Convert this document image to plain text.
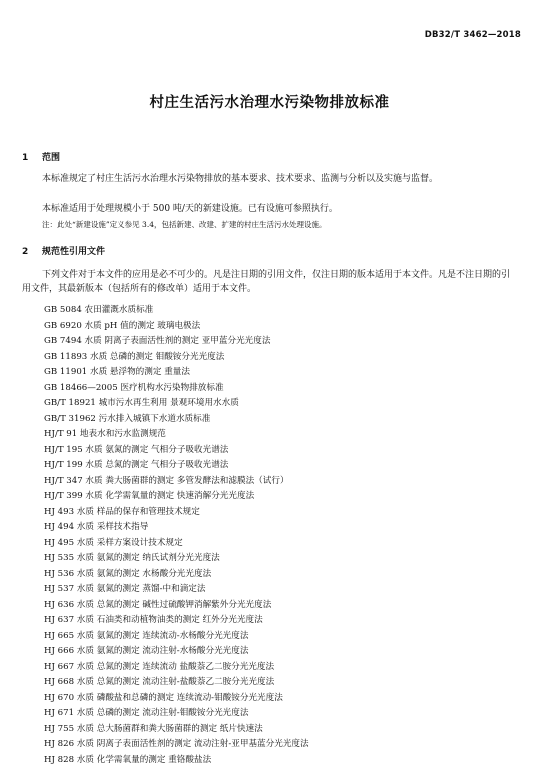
DB32/T 3462—2018
村庄生活污水治理水污染物排放标准
1 范围
本标准规定了村庄生活污水治理水污染物排放的基本要求、技术要求、监测与分析以及实施与监督。
本标准适用于处理规模小于 500 吨/天的新建设施。已有设施可参照执行。
注：此处“新建设施”定义参见 3.4，包括新建、改建、扩建的村庄生活污水处理设施。
2 规范性引用文件
下列文件对于本文件的应用是必不可少的。凡是注日期的引用文件，仅注日期的版本适用于本文件。凡是不注日期的引用文件，其最新版本（包括所有的修改单）适用于本文件。
GB 5084 农田灌溉水质标准
GB 6920 水质 pH 值的测定 玻璃电极法
GB 7494 水质 阴离子表面活性剂的测定 亚甲蓝分光光度法
GB 11893 水质 总磷的测定 钼酸铵分光光度法
GB 11901 水质 悬浮物的测定 重量法
GB 18466—2005 医疗机构水污染物排放标准
GB/T 18921 城市污水再生利用 景观环境用水水质
GB/T 31962 污水排入城镇下水道水质标准
HJ/T 91 地表水和污水监测规范
HJ/T 195 水质 氨氮的测定 气相分子吸收光谱法
HJ/T 199 水质 总氮的测定 气相分子吸收光谱法
HJ/T 347 水质 粪大肠菌群的测定 多管发酵法和滤膜法（试行）
HJ/T 399 水质 化学需氧量的测定 快速消解分光光度法
HJ 493 水质 样品的保存和管理技术规定
HJ 494 水质 采样技术指导
HJ 495 水质 采样方案设计技术规定
HJ 535 水质 氨氮的测定 纳氏试剂分光光度法
HJ 536 水质 氨氮的测定 水杨酸分光光度法
HJ 537 水质 氨氮的测定 蒸馏-中和滴定法
HJ 636 水质 总氮的测定 碱性过硫酸钾消解紫外分光光度法
HJ 637 水质 石油类和动植物油类的测定 红外分光光度法
HJ 665 水质 氨氮的测定 连续流动-水杨酸分光光度法
HJ 666 水质 氨氮的测定 流动注射-水杨酸分光光度法
HJ 667 水质 总氮的测定 连续流动 盐酸萘乙二胺分光光度法
HJ 668 水质 总氮的测定 流动注射-盐酸萘乙二胺分光光度法
HJ 670 水质 磷酸盐和总磷的测定 连续流动-钼酸铵分光光度法
HJ 671 水质 总磷的测定 流动注射-钼酸铵分光光度法
HJ 755 水质 总大肠菌群和粪大肠菌群的测定 纸片快速法
HJ 826 水质 阴离子表面活性剂的测定 流动注射-亚甲基蓝分光光度法
HJ 828 水质 化学需氧量的测定 重铬酸盐法
